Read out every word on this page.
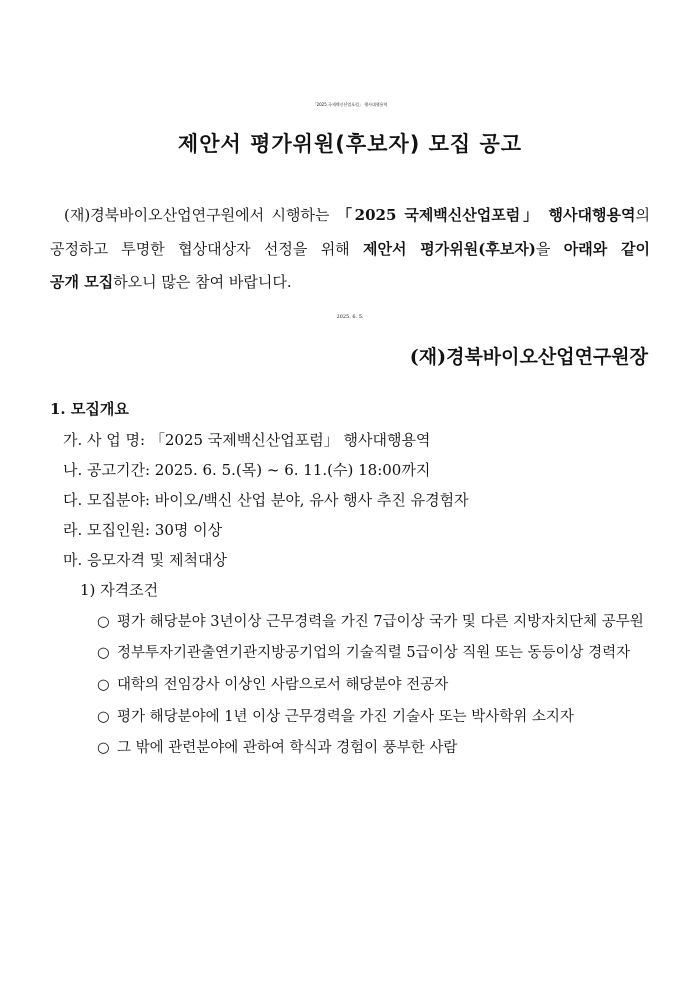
「2025 국제백신산업포럼」 행사대행용역
제안서 평가위원(후보자) 모집 공고
(재)경북바이오산업연구원에서 시행하는 「2025 국제백신산업포럼」 행사대행용역의
공정하고 투명한 협상대상자 선정을 위해 제안서 평가위원(후보자)을 아래와 같이
공개 모집하오니 많은 참여 바랍니다.
2025. 6. 5.
(재)경북바이오산업연구원장
1. 모집개요
가. 사 업 명: 「2025 국제백신산업포럼」 행사대행용역
나. 공고기간: 2025. 6. 5.(목) ~ 6. 11.(수) 18:00까지
다. 모집분야: 바이오/백신 산업 분야, 유사 행사 추진 유경험자
라. 모집인원: 30명 이상
마. 응모자격 및 제척대상
1) 자격조건
○ 평가 해당분야 3년이상 근무경력을 가진 7급이상 국가 및 다른 지방자치단체 공무원
○ 정부투자기관출연기관지방공기업의 기술직렬 5급이상 직원 또는 동등이상 경력자
○ 대학의 전임강사 이상인 사람으로서 해당분야 전공자
○ 평가 해당분야에 1년 이상 근무경력을 가진 기술사 또는 박사학위 소지자
○ 그 밖에 관련분야에 관하여 학식과 경험이 풍부한 사람
